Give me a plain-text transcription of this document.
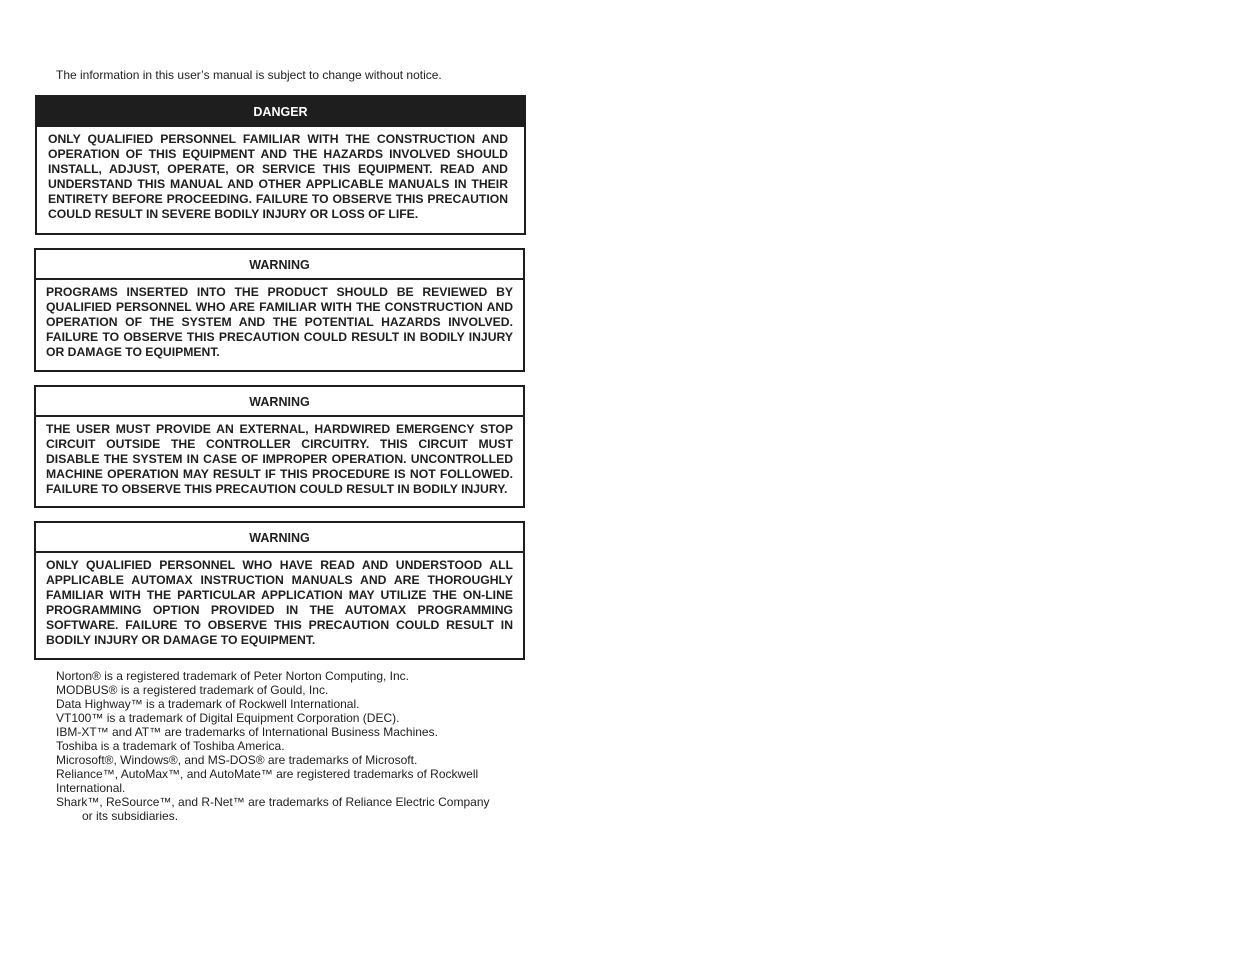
The information in this user’s manual is subject to change without notice.
DANGER
ONLY QUALIFIED PERSONNEL FAMILIAR WITH THE CONSTRUCTION AND OPERATION OF THIS EQUIPMENT AND THE HAZARDS INVOLVED SHOULD INSTALL, ADJUST, OPERATE, OR SERVICE THIS EQUIPMENT. READ AND UNDERSTAND THIS MANUAL AND OTHER APPLICABLE MANUALS IN THEIR ENTIRETY BEFORE PROCEEDING. FAILURE TO OBSERVE THIS PRECAUTION COULD RESULT IN SEVERE BODILY INJURY OR LOSS OF LIFE.
WARNING
PROGRAMS INSERTED INTO THE PRODUCT SHOULD BE REVIEWED BY QUALIFIED PERSONNEL WHO ARE FAMILIAR WITH THE CONSTRUCTION AND OPERATION OF THE SYSTEM AND THE POTENTIAL HAZARDS INVOLVED. FAILURE TO OBSERVE THIS PRECAUTION COULD RESULT IN BODILY INJURY OR DAMAGE TO EQUIPMENT.
WARNING
THE USER MUST PROVIDE AN EXTERNAL, HARDWIRED EMERGENCY STOP CIRCUIT OUTSIDE THE CONTROLLER CIRCUITRY. THIS CIRCUIT MUST DISABLE THE SYSTEM IN CASE OF IMPROPER OPERATION. UNCONTROLLED MACHINE OPERATION MAY RESULT IF THIS PROCEDURE IS NOT FOLLOWED. FAILURE TO OBSERVE THIS PRECAUTION COULD RESULT IN BODILY INJURY.
WARNING
ONLY QUALIFIED PERSONNEL WHO HAVE READ AND UNDERSTOOD ALL APPLICABLE AUTOMAX INSTRUCTION MANUALS AND ARE THOROUGHLY FAMILIAR WITH THE PARTICULAR APPLICATION MAY UTILIZE THE ON-LINE PROGRAMMING OPTION PROVIDED IN THE AUTOMAX PROGRAMMING SOFTWARE. FAILURE TO OBSERVE THIS PRECAUTION COULD RESULT IN BODILY INJURY OR DAMAGE TO EQUIPMENT.
Norton® is a registered trademark of Peter Norton Computing, Inc.
MODBUS® is a registered trademark of Gould, Inc.
Data Highway™ is a trademark of Rockwell International.
VT100™ is a trademark of Digital Equipment Corporation (DEC).
IBM-XT™ and AT™ are trademarks of International Business Machines.
Toshiba is a trademark of Toshiba America.
Microsoft®, Windows®, and MS-DOS® are trademarks of Microsoft.
Reliance™, AutoMax™, and AutoMate™ are registered trademarks of Rockwell
International.
Shark™, ReSource™, and R-Net™ are trademarks of Reliance Electric Company
or its subsidiaries.
